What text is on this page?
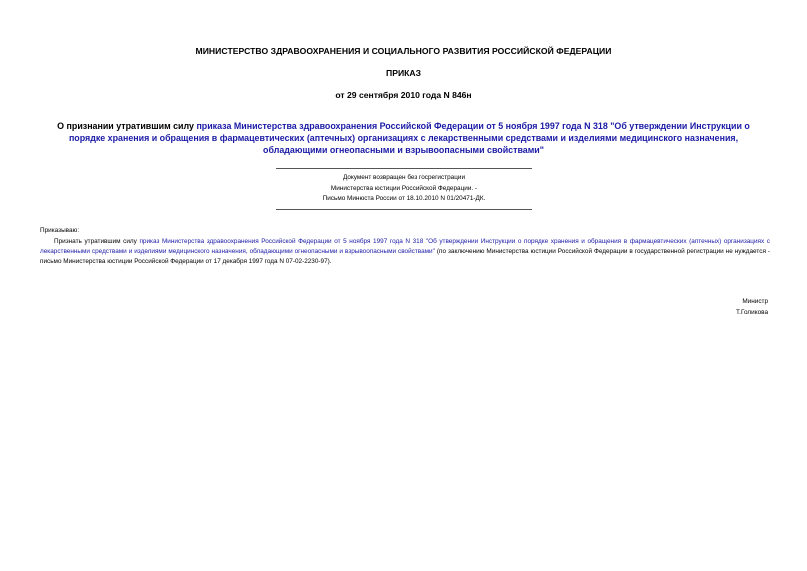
МИНИСТЕРСТВО ЗДРАВООХРАНЕНИЯ И СОЦИАЛЬНОГО РАЗВИТИЯ РОССИЙСКОЙ ФЕДЕРАЦИИ
ПРИКАЗ
от 29 сентября 2010 года N 846н
О признании утратившим силу приказа Министерства здравоохранения Российской Федерации от 5 ноября 1997 года N 318 "Об утверждении Инструкции о порядке хранения и обращения в фармацевтических (аптечных) организациях с лекарственными средствами и изделиями медицинского назначения, обладающими огнеопасными и взрывоопасными свойствами"
Документ возвращен без госрегистрации
Министерства юстиции Российской Федерации. -
Письмо Минюста России от 18.10.2010 N 01/20471-ДК.
Приказываю:
Признать утратившим силу приказ Министерства здравоохранения Российской Федерации от 5 ноября 1997 года N 318 "Об утверждении Инструкции о порядке хранения и обращения в фармацевтических (аптечных) организациях с лекарственными средствами и изделиями медицинского назначения, обладающими огнеопасными и взрывоопасными свойствами" (по заключению Министерства юстиции Российской Федерации в государственной регистрации не нуждается - письмо Министерства юстиции Российской Федерации от 17 декабря 1997 года N 07-02-2230-97).
Министр
Т.Голикова
